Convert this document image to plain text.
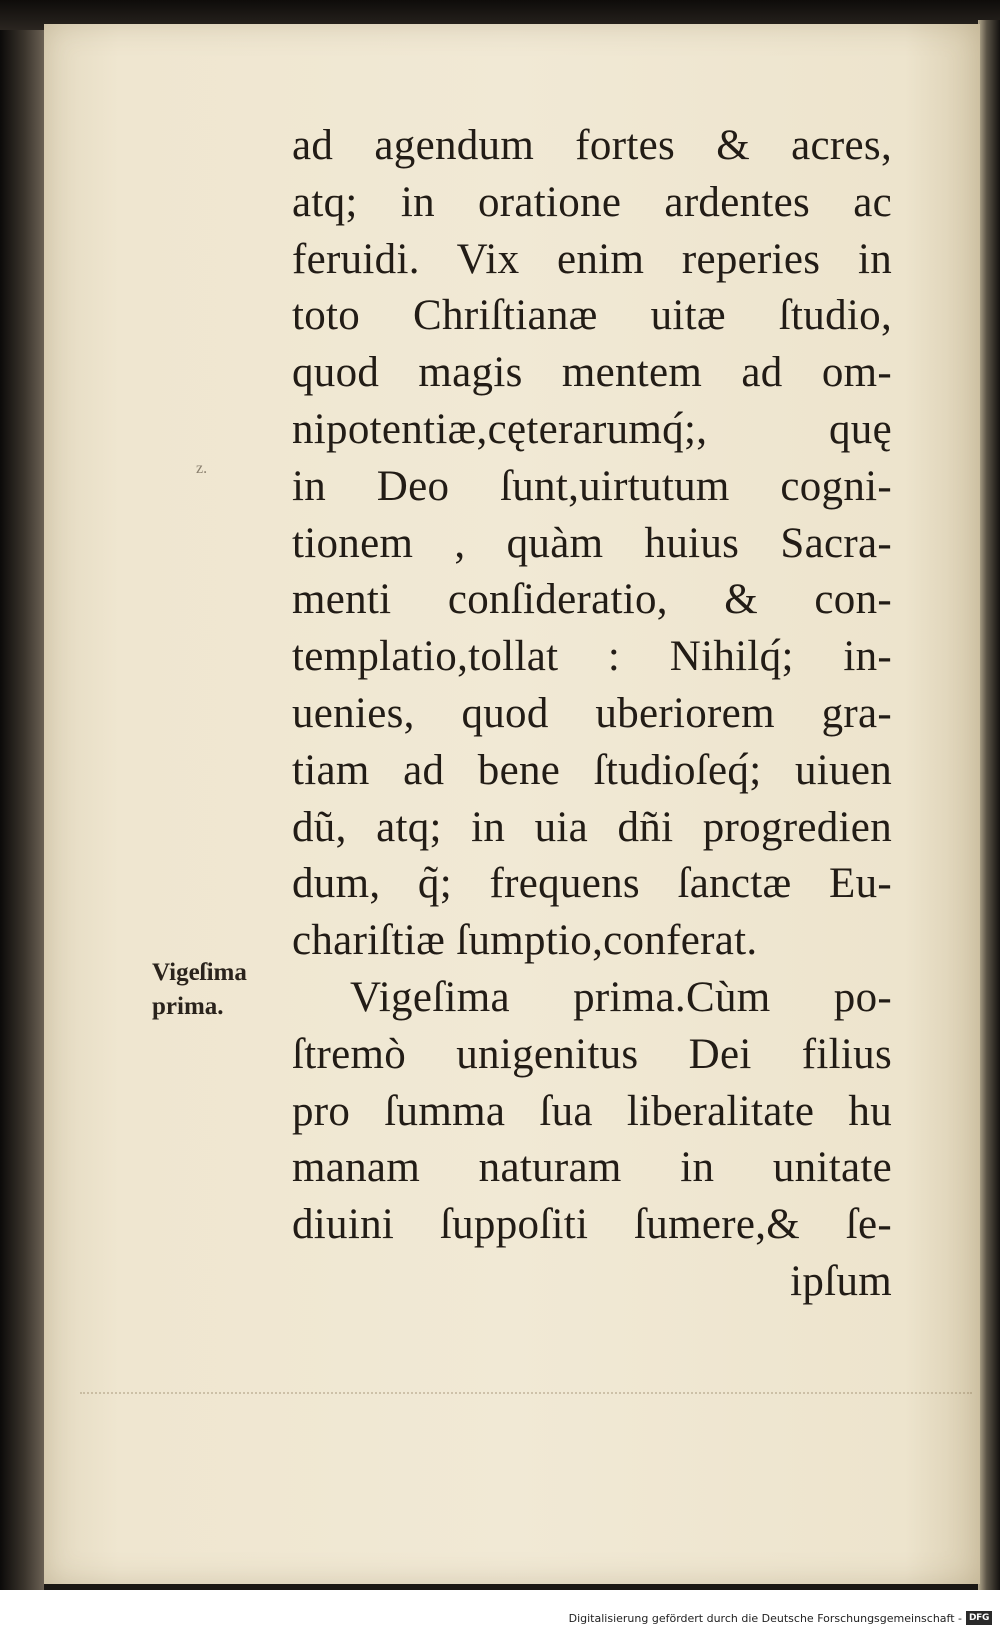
z.
Vigeſima
prima.
ad agendum fortes & acres,
atq; in oratione ardentes ac
feruidi. Vix enim reperies in
toto Chriſtianæ uitæ ſtudio,
quod magis mentem ad om-
nipotentiæ,cęterarumq́;, quę
in Deo ſunt,uirtutum cogni-
tionem , quàm huius Sacra-
menti conſideratio, & con-
templatio,tollat : Nihilq́; in-
uenies, quod uberiorem gra-
tiam ad bene ſtudioſeq́; uiuen
dũ, atq; in uia dñi progredien
dum, q̃; frequens ſanctæ Eu-
chariſtiæ ſumptio,conferat.
Vigeſima prima.Cùm po-
ſtremò unigenitus Dei filius
pro ſumma ſua liberalitate hu
manam naturam in unitate
diuini ſuppoſiti ſumere,& ſe-
ipſum
Digitalisierung gefördert durch die Deutsche Forschungsgemeinschaft - DFG
